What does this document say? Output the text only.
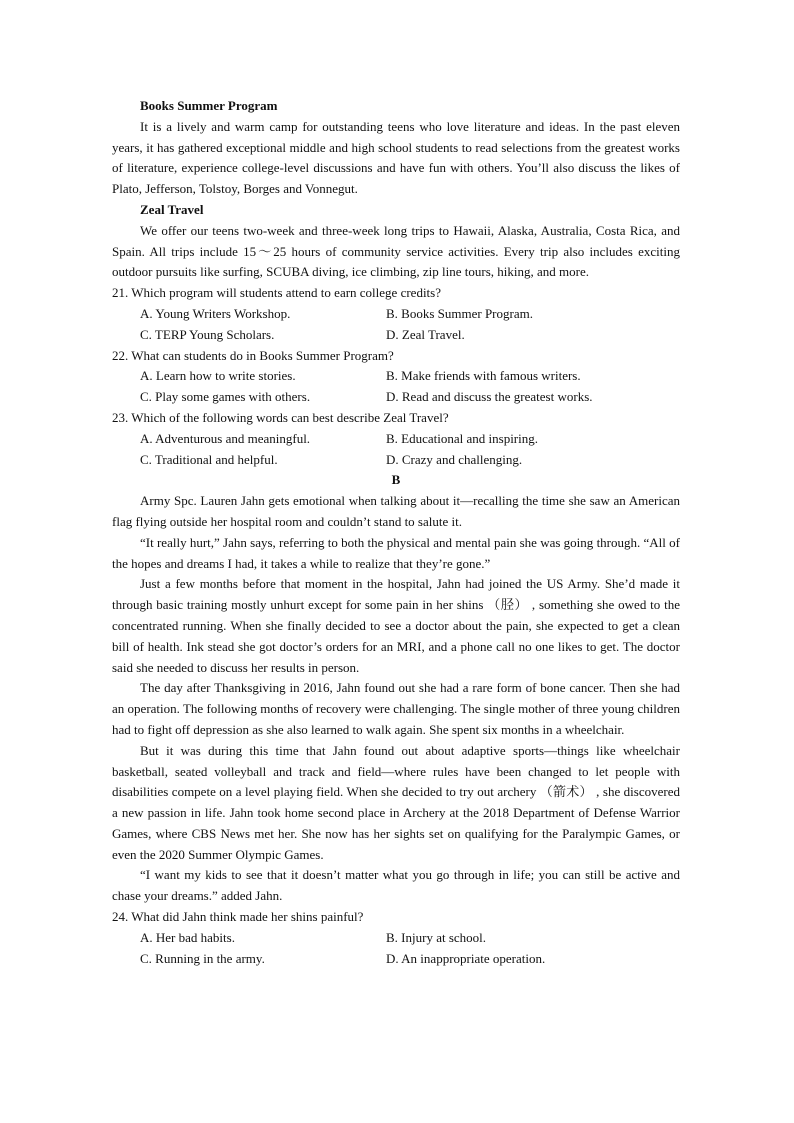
Books Summer Program

It is a lively and warm camp for outstanding teens who love literature and ideas. In the past eleven years, it has gathered exceptional middle and high school students to read selections from the greatest works of literature, experience college-level discussions and have fun with others. You’ll also discuss the likes of Plato, Jefferson, Tolstoy, Borges and Vonnegut.

Zeal Travel

We offer our teens two-week and three-week long trips to Hawaii, Alaska, Australia, Costa Rica, and Spain. All trips include 15～25 hours of community service activities. Every trip also includes exciting outdoor pursuits like surfing, SCUBA diving, ice climbing, zip line tours, hiking, and more.

21. Which program will students attend to earn college credits?

A. Young Writers Workshop.	B. Books Summer Program.
C. TERP Young Scholars.	D. Zeal Travel.

22. What can students do in Books Summer Program?

A. Learn how to write stories.	B. Make friends with famous writers.
C. Play some games with others.	D. Read and discuss the greatest works.

23. Which of the following words can best describe Zeal Travel?

A. Adventurous and meaningful.	B. Educational and inspiring.
C. Traditional and helpful.	D. Crazy and challenging.

B

Army Spc. Lauren Jahn gets emotional when talking about it—recalling the time she saw an American flag flying outside her hospital room and couldn’t stand to salute it.

“It really hurt,” Jahn says, referring to both the physical and mental pain she was going through. “All of the hopes and dreams I had, it takes a while to realize that they’re gone.”

Just a few months before that moment in the hospital, Jahn had joined the US Army. She’d made it through basic training mostly unhurt except for some pain in her shins （胫） , something she owed to the concentrated running. When she finally decided to see a doctor about the pain, she expected to get a clean bill of health. Ink stead she got doctor’s orders for an MRI, and a phone call no one likes to get. The doctor said she needed to discuss her results in person.

The day after Thanksgiving in 2016, Jahn found out she had a rare form of bone cancer. Then she had an operation. The following months of recovery were challenging. The single mother of three young children had to fight off depression as she also learned to walk again. She spent six months in a wheelchair.

But it was during this time that Jahn found out about adaptive sports—things like wheelchair basketball, seated volleyball and track and field—where rules have been changed to let people with disabilities compete on a level playing field. When she decided to try out archery （箭术） , she discovered a new passion in life. Jahn took home second place in Archery at the 2018 Department of Defense Warrior Games, where CBS News met her. She now has her sights set on qualifying for the Paralympic Games, or even the 2020 Summer Olympic Games.

“I want my kids to see that it doesn’t matter what you go through in life; you can still be active and chase your dreams.” added Jahn.

24. What did Jahn think made her shins painful?

A. Her bad habits.	B. Injury at school.
C. Running in the army.	D. An inappropriate operation.
